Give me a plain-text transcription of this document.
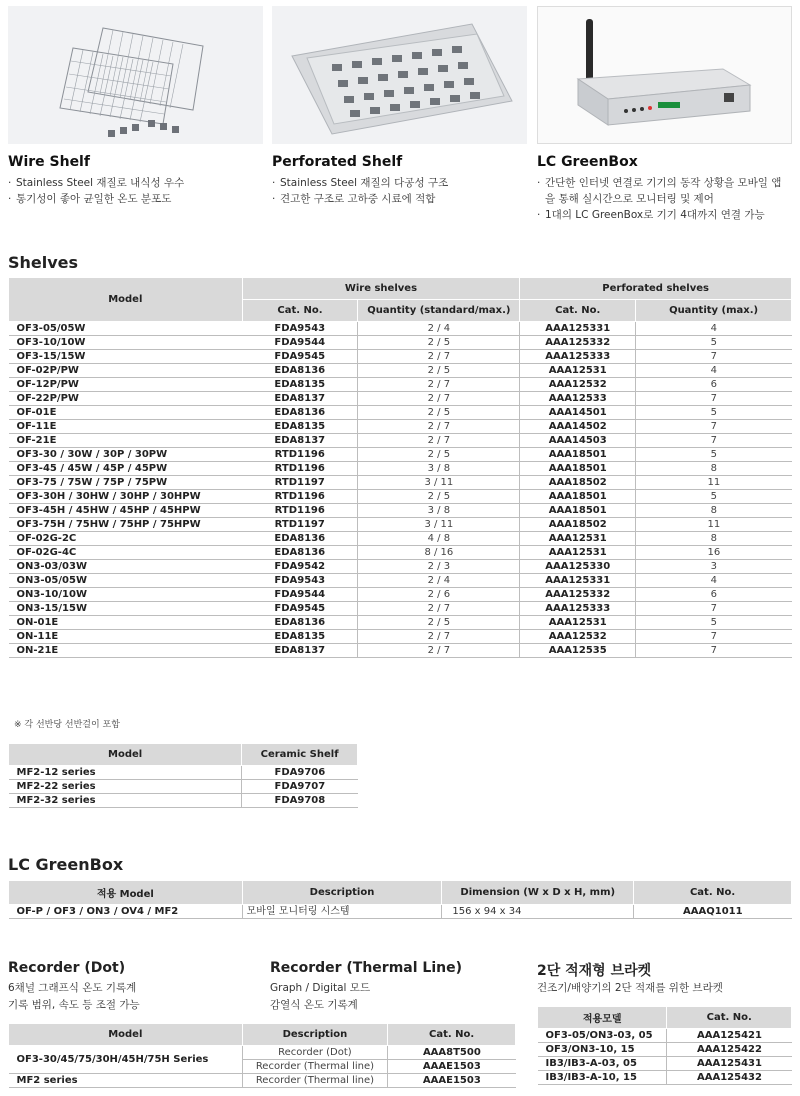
Wire Shelf
· Stainless Steel 재질로 내식성 우수
· 통기성이 좋아 균일한 온도 분포도
Perforated Shelf
· Stainless Steel 재질의 다공성 구조
· 견고한 구조로 고하중 시료에 적합
LC GreenBox
· 간단한 인터넷 연결로 기기의 동작 상황을 모바일 앱을 통해 실시간으로 모니터링 및 제어
· 1대의 LC GreenBox로 기기 4대까지 연결 가능
Shelves
Model	Wire shelves		Perforated shelves	
	Cat. No.	Quantity (standard/max.)	Cat. No.	Quantity (max.)
OF3-05/05W	FDA9543	2 / 4	AAA125331	4
OF3-10/10W	FDA9544	2 / 5	AAA125332	5
OF3-15/15W	FDA9545	2 / 7	AAA125333	7
OF-02P/PW	EDA8136	2 / 5	AAA12531	4
OF-12P/PW	EDA8135	2 / 7	AAA12532	6
OF-22P/PW	EDA8137	2 / 7	AAA12533	7
OF-01E	EDA8136	2 / 5	AAA14501	5
OF-11E	EDA8135	2 / 7	AAA14502	7
OF-21E	EDA8137	2 / 7	AAA14503	7
OF3-30 / 30W / 30P / 30PW	RTD1196	2 / 5	AAA18501	5
OF3-45 / 45W / 45P / 45PW	RTD1196	3 / 8	AAA18501	8
OF3-75 / 75W / 75P / 75PW	RTD1197	3 / 11	AAA18502	11
OF3-30H / 30HW / 30HP / 30HPW	RTD1196	2 / 5	AAA18501	5
OF3-45H / 45HW / 45HP / 45HPW	RTD1196	3 / 8	AAA18501	8
OF3-75H / 75HW / 75HP / 75HPW	RTD1197	3 / 11	AAA18502	11
OF-02G-2C	EDA8136	4 / 8	AAA12531	8
OF-02G-4C	EDA8136	8 / 16	AAA12531	16
ON3-03/03W	FDA9542	2 / 3	AAA125330	3
ON3-05/05W	FDA9543	2 / 4	AAA125331	4
ON3-10/10W	FDA9544	2 / 6	AAA125332	6
ON3-15/15W	FDA9545	2 / 7	AAA125333	7
ON-01E	EDA8136	2 / 5	AAA12531	5
ON-11E	EDA8135	2 / 7	AAA12532	7
ON-21E	EDA8137	2 / 7	AAA12535	7
※ 각 선반당 선반걸이 포함
Model	Ceramic Shelf
MF2-12 series	FDA9706
MF2-22 series	FDA9707
MF2-32 series	FDA9708
LC GreenBox
적용 Model	Description	Dimension (W x D x H, mm)	Cat. No.
OF-P / OF3 / ON3 / OV4 / MF2	모바일 모니터링 시스템	156 x 94 x 34	AAAQ1011
Recorder (Dot)
6채널 그래프식 온도 기록계
기록 범위, 속도 등 조절 가능
Recorder (Thermal Line)
Graph / Digital 모드
감열식 온도 기록계
Model	Description	Cat. No.
OF3-30/45/75/30H/45H/75H Series	Recorder (Dot)	AAA8T500
	Recorder (Thermal line)	AAAE1503
MF2 series	Recorder (Thermal line)	AAAE1503
2단 적재형 브라켓
건조기/배양기의 2단 적재를 위한 브라켓
적용모델	Cat. No.
OF3-05/ON3-03, 05	AAA125421
OF3/ON3-10, 15	AAA125422
IB3/IB3-A-03, 05	AAA125431
IB3/IB3-A-10, 15	AAA125432
